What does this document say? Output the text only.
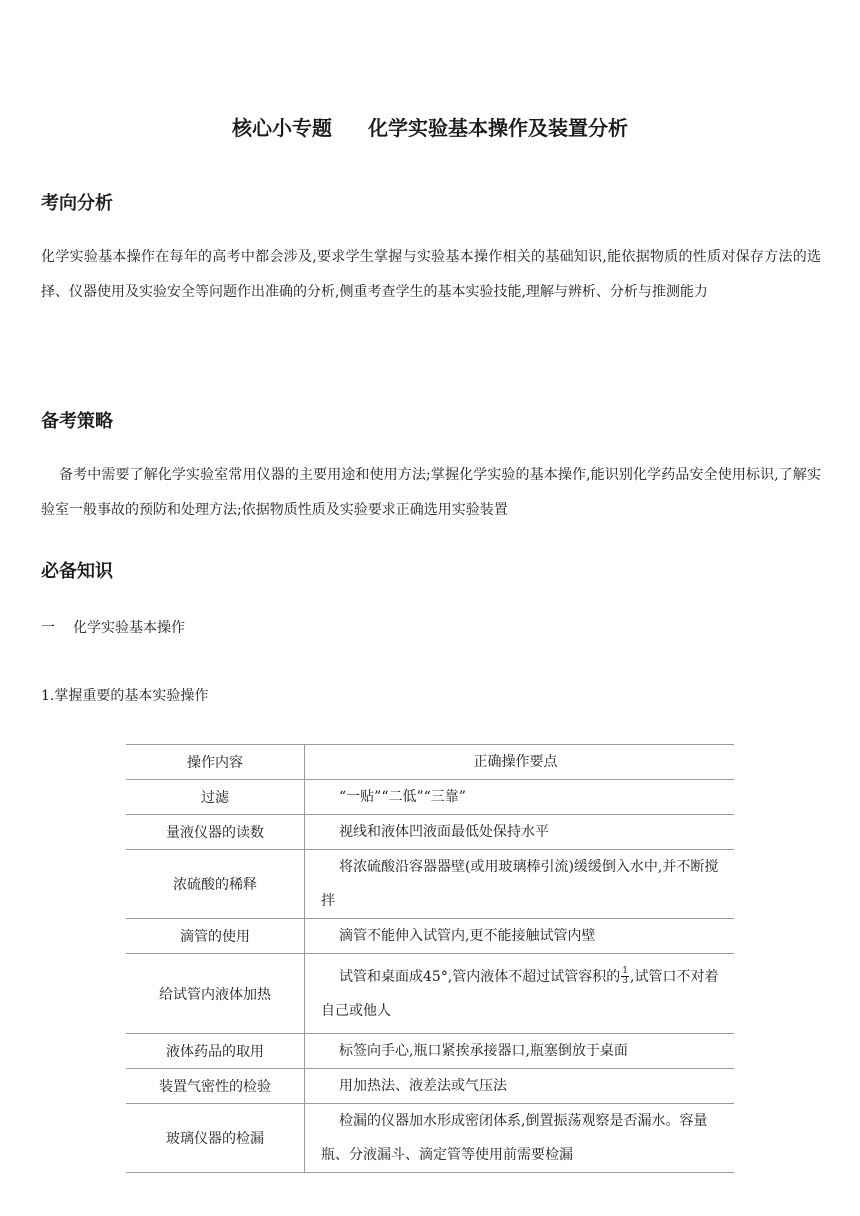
核心小专题 化学实验基本操作及装置分析
考向分析
化学实验基本操作在每年的高考中都会涉及,要求学生掌握与实验基本操作相关的基础知识,能依据物质的性质对保存方法的选择、仪器使用及实验安全等问题作出准确的分析,侧重考查学生的基本实验技能,理解与辨析、分析与推测能力
备考策略
备考中需要了解化学实验室常用仪器的主要用途和使用方法;掌握化学实验的基本操作,能识别化学药品安全使用标识,了解实验室一般事故的预防和处理方法;依据物质性质及实验要求正确选用实验装置
必备知识
一 化学实验基本操作
1.掌握重要的基本实验操作
操作内容	正确操作要点
过滤	“一贴”“二低”“三靠”

量液仪器的读数	视线和液体凹液面最低处保持水平

浓硫酸的稀释	将浓硫酸沿容器器壁(或用玻璃棒引流)缓缓倒入水中,并不断搅拌

滴管的使用	滴管不能伸入试管内,更不能接触试管内壁

给试管内液体加热	试管和桌面成45°,管内液体不超过试管容积的 $\frac{1}{3}$ ,试管口不对着自己或他人

液体药品的取用	标签向手心,瓶口紧挨承接器口,瓶塞倒放于桌面

装置气密性的检验	用加热法、液差法或气压法

玻璃仪器的检漏	检漏的仪器加水形成密闭体系,倒置振荡观察是否漏水。容量瓶、分液漏斗、滴定管等使用前需要检漏
